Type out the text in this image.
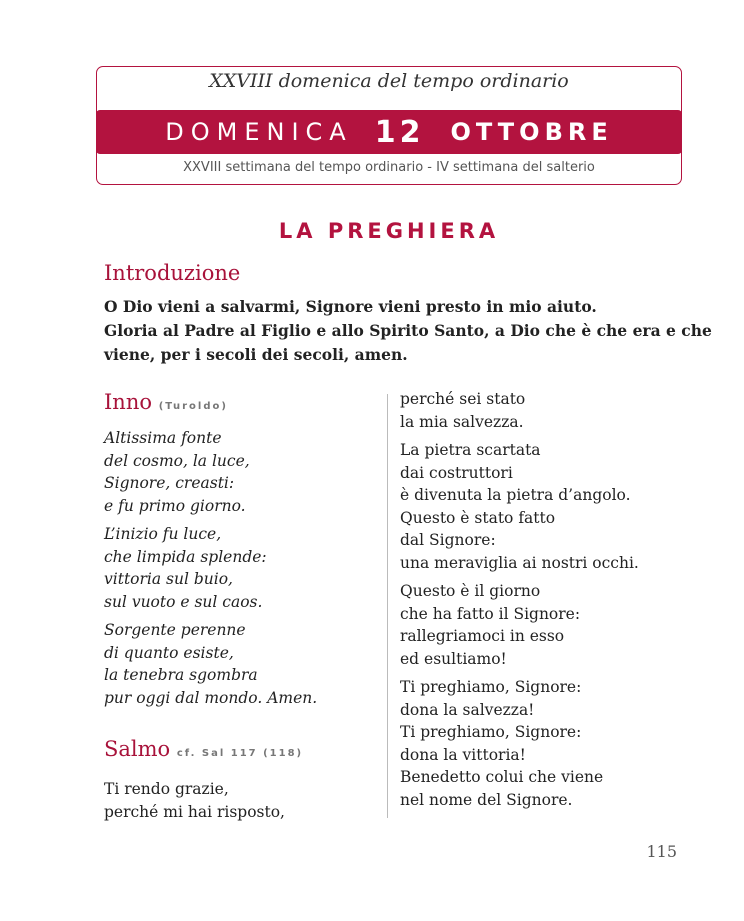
XXVIII domenica del tempo ordinario
DOMENICA 12 OTTOBRE
XXVIII settimana del tempo ordinario - IV settimana del salterio
LA PREGHIERA
Introduzione
O Dio vieni a salvarmi, Signore vieni presto in mio aiuto.
Gloria al Padre al Figlio e allo Spirito Santo, a Dio che è che era e che
viene, per i secoli dei secoli, amen.
Inno (Turoldo)
Altissima fonte
del cosmo, la luce,
Signore, creasti:
e fu primo giorno.
L’inizio fu luce,
che limpida splende:
vittoria sul buio,
sul vuoto e sul caos.
Sorgente perenne
di quanto esiste,
la tenebra sgombra
pur oggi dal mondo. Amen.
Salmo cf. Sal 117 (118)
Ti rendo grazie,
perché mi hai risposto,
perché sei stato
la mia salvezza.
La pietra scartata
dai costruttori
è divenuta la pietra d’angolo.
Questo è stato fatto
dal Signore:
una meraviglia ai nostri occhi.
Questo è il giorno
che ha fatto il Signore:
rallegriamoci in esso
ed esultiamo!
Ti preghiamo, Signore:
dona la salvezza!
Ti preghiamo, Signore:
dona la vittoria!
Benedetto colui che viene
nel nome del Signore.
115
